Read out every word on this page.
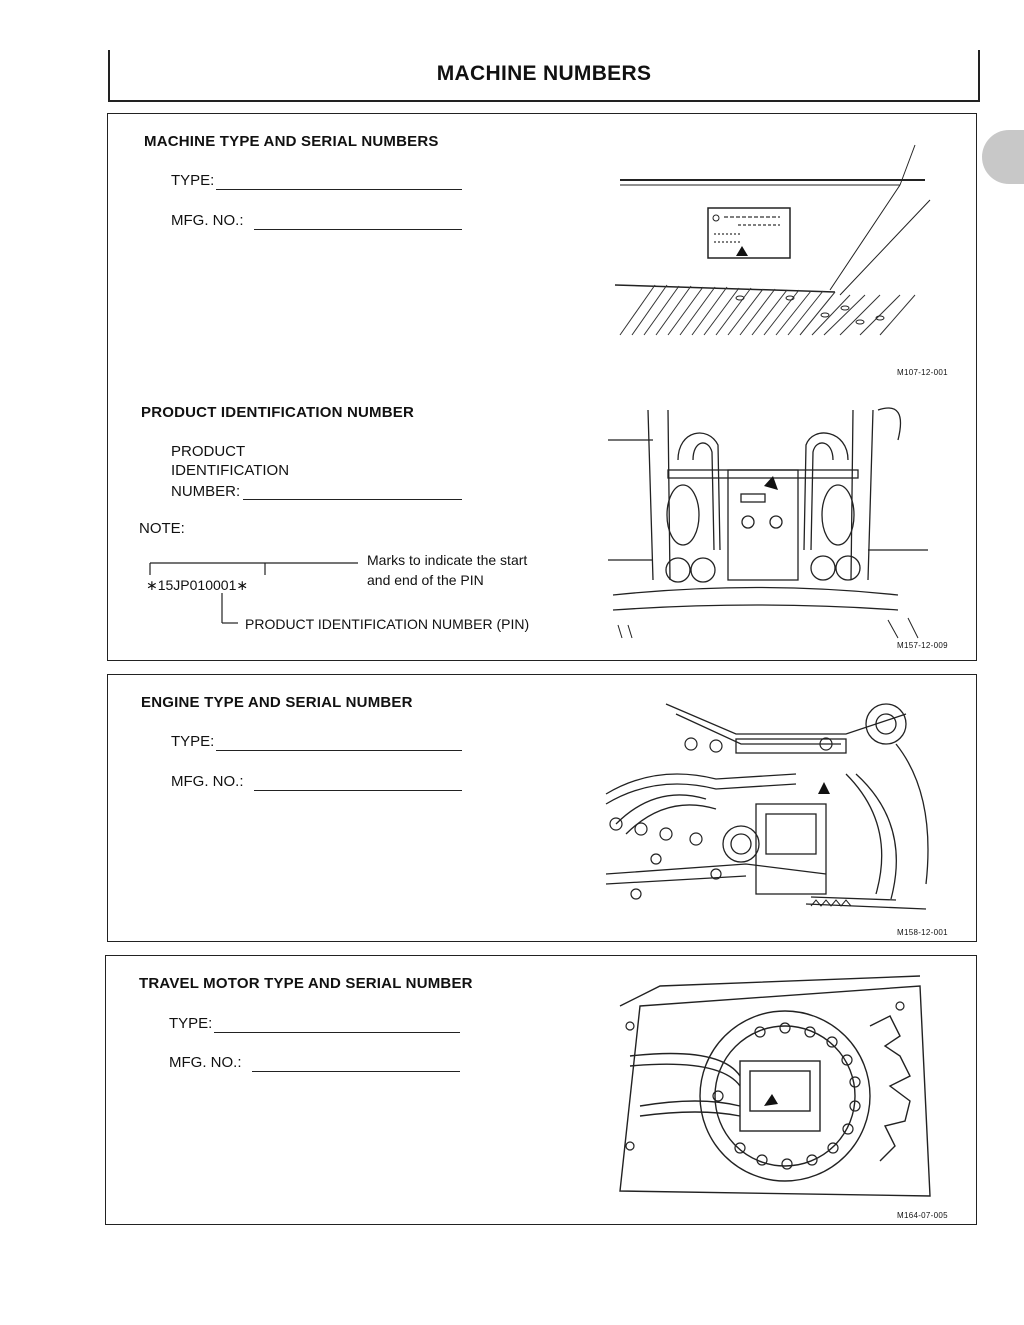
MACHINE NUMBERS
MACHINE TYPE AND SERIAL NUMBERS
TYPE:
MFG. NO.:
M107-12-001
PRODUCT IDENTIFICATION NUMBER
PRODUCT
IDENTIFICATION
NUMBER:
NOTE:
∗15JP010001∗
Marks to indicate the start
and end of the PIN
PRODUCT IDENTIFICATION NUMBER (PIN)
M157-12-009
ENGINE TYPE AND SERIAL NUMBER
TYPE:
MFG. NO.:
M158-12-001
TRAVEL MOTOR TYPE AND SERIAL NUMBER
TYPE:
MFG. NO.:
M164-07-005
